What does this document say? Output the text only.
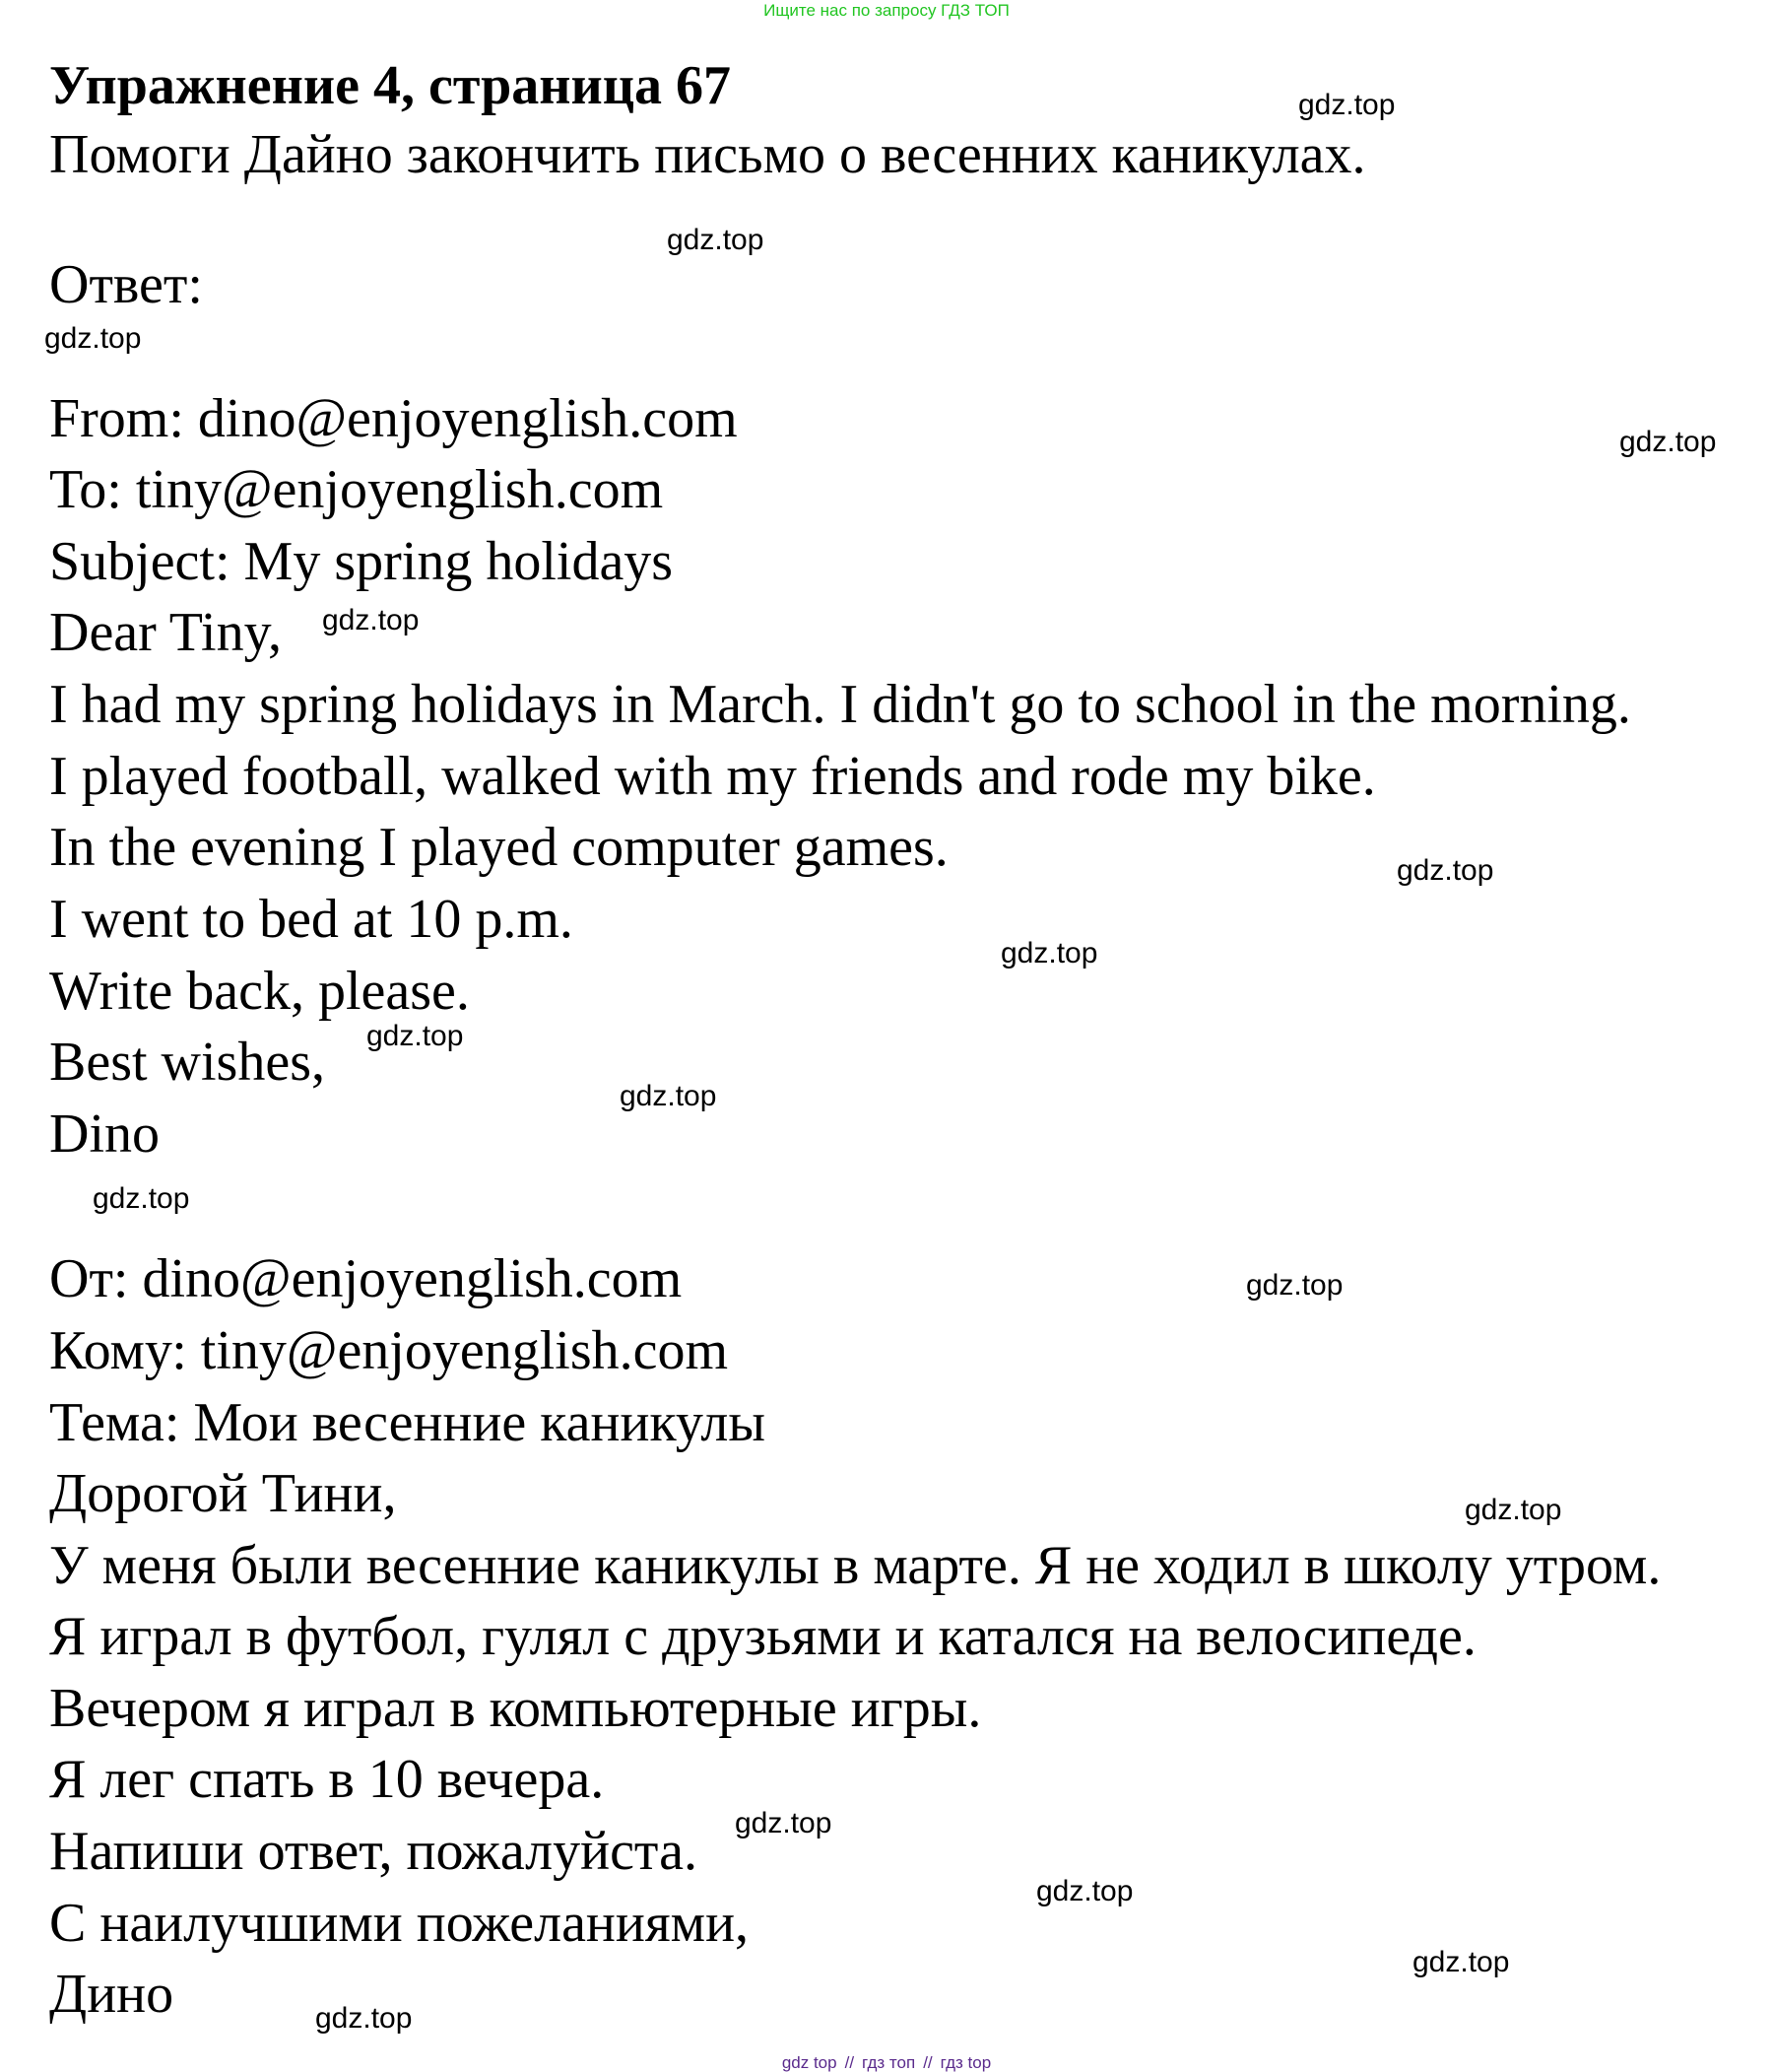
Ищите нас по запросу ГДЗ ТОП
Упражнение 4, страница 67
Помоги Дайно закончить письмо о весенних каникулах.
Ответ:
From: dino@enjoyenglish.com
To: tiny@enjoyenglish.com
Subject: My spring holidays
Dear Tiny,
I had my spring holidays in March. I didn't go to school in the morning.
I played football, walked with my friends and rode my bike.
In the evening I played computer games.
I went to bed at 10 p.m.
Write back, please.
Best wishes,
Dino
От: dino@enjoyenglish.com
Кому: tiny@enjoyenglish.com
Тема: Мои весенние каникулы
Дорогой Тини,
У меня были весенние каникулы в марте. Я не ходил в школу утром.
Я играл в футбол, гулял с друзьями и катался на велосипеде.
Вечером я играл в компьютерные игры.
Я лег спать в 10 вечера.
Напиши ответ, пожалуйста.
С наилучшими пожеланиями,
Дино
gdz.top
gdz.top
gdz.top
gdz.top
gdz.top
gdz.top
gdz.top
gdz.top
gdz.top
gdz.top
gdz.top
gdz.top
gdz.top
gdz.top
gdz.top
gdz.top
gdz top // гдз топ // гдз top
